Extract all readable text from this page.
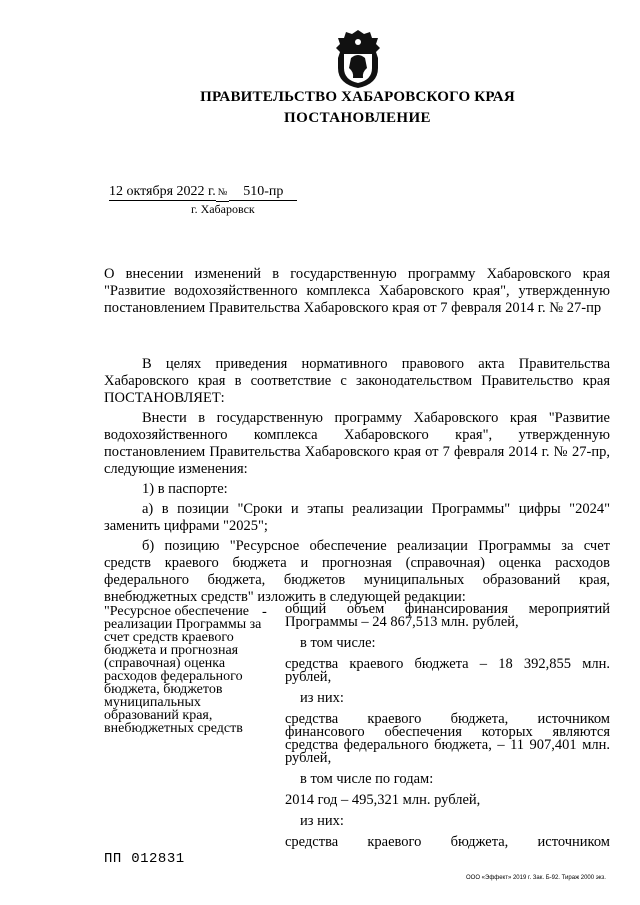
ПРАВИТЕЛЬСТВО ХАБАРОВСКОГО КРАЯ
ПОСТАНОВЛЕНИЕ
12 октября 2022 г. № 510-пр
г. Хабаровск

О внесении изменений в государственную программу Хабаровского края "Развитие водохозяйственного комплекса Хабаровского края", утвержденную постановлением Правительства Хабаровского края от 7 февраля 2014 г. № 27-пр

В целях приведения нормативного правового акта Правительства Хабаровского края в соответствие с законодательством Правительство края ПОСТАНОВЛЯЕТ:

Внести в государственную программу Хабаровского края "Развитие водохозяйственного комплекса Хабаровского края", утвержденную постановлением Правительства Хабаровского края от 7 февраля 2014 г. № 27-пр, следующие изменения:

1) в паспорте:

а) в позиции "Сроки и этапы реализации Программы" цифры "2024" заменить цифрами "2025";

б) позицию "Ресурсное обеспечение реализации Программы за счет средств краевого бюджета и прогнозная (справочная) оценка расходов федерального бюджета, бюджетов муниципальных образований края, внебюджетных средств" изложить в следующей редакции:

"Ресурсное обеспечение реализации Программы за счет средств краевого бюджета и прогнозная (справочная) оценка расходов федерального бюджета, бюджетов муниципальных образований края, внебюджетных средств
- общий объем финансирования мероприятий Программы – 24 867,513 млн. рублей,

в том числе:

средства краевого бюджета – 18 392,855 млн. рублей,

из них:

средства краевого бюджета, источником финансового обеспечения которых являются средства федерального бюджета, – 11 907,401 млн. рублей,

в том числе по годам:

2014 год – 495,321 млн. рублей,

из них:

средства краевого бюджета, источником

ПП 012831
ООО «Эффект» 2019 г. Зак. Б-92. Тираж 2000 экз.
